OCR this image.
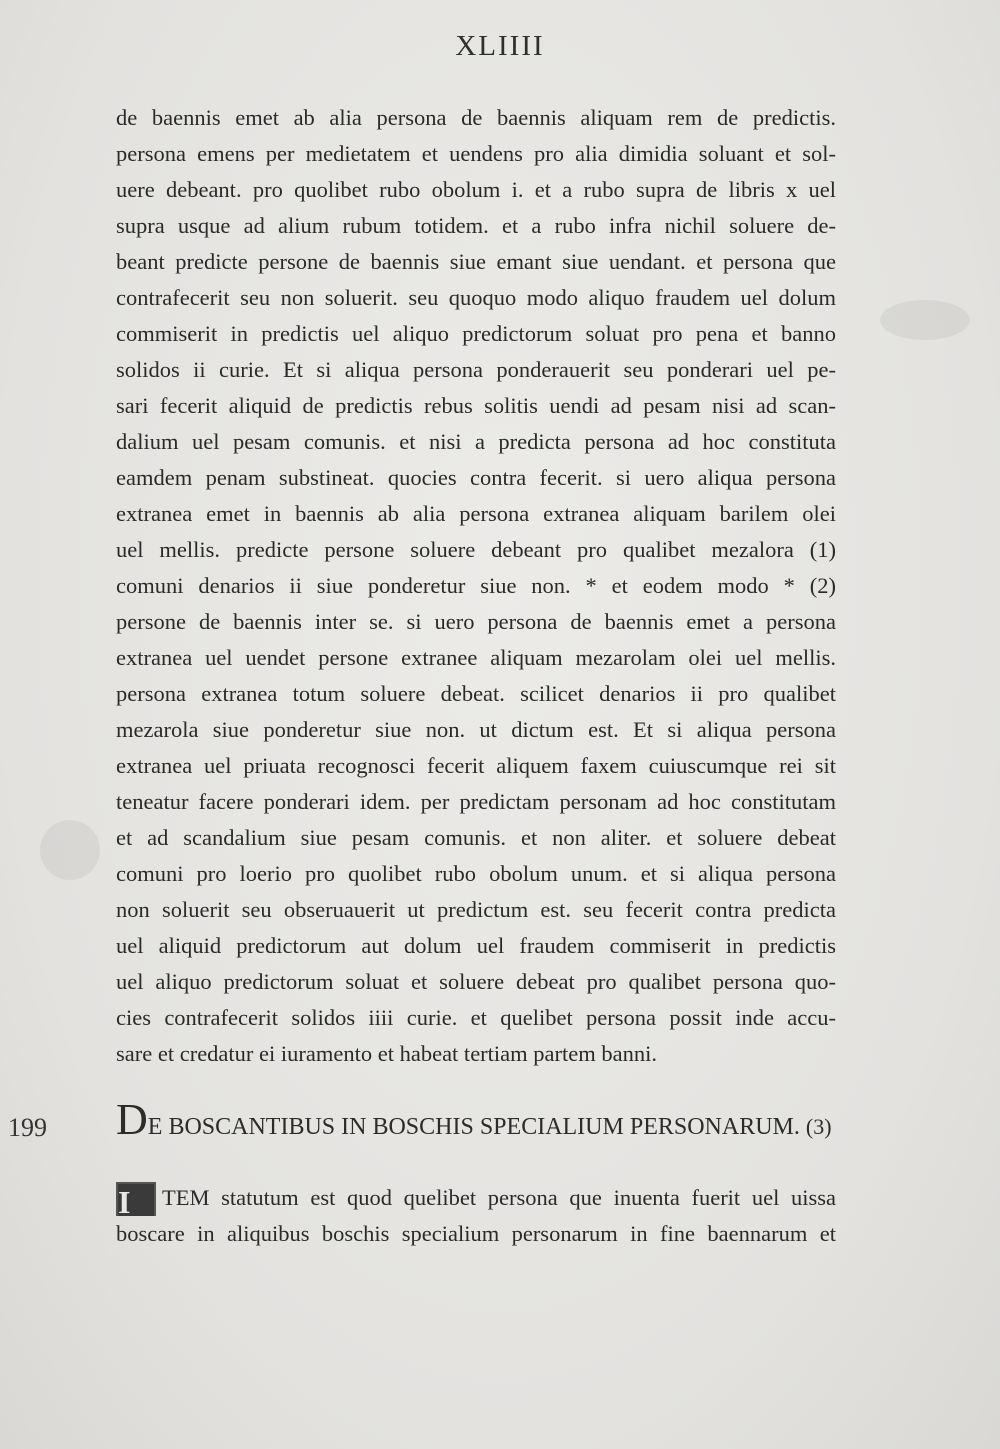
XLIIII
de baennis emet ab alia persona de baennis aliquam rem de predictis.
persona emens per medietatem et uendens pro alia dimidia soluant et sol-
uere debeant. pro quolibet rubo obolum i. et a rubo supra de libris x uel
supra usque ad alium rubum totidem. et a rubo infra nichil soluere de-
beant predicte persone de baennis siue emant siue uendant. et persona que
contrafecerit seu non soluerit. seu quoquo modo aliquo fraudem uel dolum
commiserit in predictis uel aliquo predictorum soluat pro pena et banno
solidos ii curie. Et si aliqua persona ponderauerit seu ponderari uel pe-
sari fecerit aliquid de predictis rebus solitis uendi ad pesam nisi ad scan-
dalium uel pesam comunis. et nisi a predicta persona ad hoc constituta
eamdem penam substineat. quocies contra fecerit. si uero aliqua persona
extranea emet in baennis ab alia persona extranea aliquam barilem olei
uel mellis. predicte persone soluere debeant pro qualibet mezalora (1)
comuni denarios ii siue ponderetur siue non. * et eodem modo * (2)
persone de baennis inter se. si uero persona de baennis emet a persona
extranea uel uendet persone extranee aliquam mezarolam olei uel mellis.
persona extranea totum soluere debeat. scilicet denarios ii pro qualibet
mezarola siue ponderetur siue non. ut dictum est. Et si aliqua persona
extranea uel priuata recognosci fecerit aliquem faxem cuiuscumque rei sit
teneatur facere ponderari idem. per predictam personam ad hoc constitutam
et ad scandalium siue pesam comunis. et non aliter. et soluere debeat
comuni pro loerio pro quolibet rubo obolum unum. et si aliqua persona
non soluerit seu obseruauerit ut predictum est. seu fecerit contra predicta
uel aliquid predictorum aut dolum uel fraudem commiserit in predictis
uel aliquo predictorum soluat et soluere debeat pro qualibet persona quo-
cies contrafecerit solidos iiii curie. et quelibet persona possit inde accu-
sare et credatur ei iuramento et habeat tertiam partem banni.
199 DE BOSCANTIBUS IN BOSCHIS SPECIALIUM PERSONARUM. (3)
I TEM statutum est quod quelibet persona que inuenta fuerit uel uissa
boscare in aliquibus boschis specialium personarum in fine baennarum et
